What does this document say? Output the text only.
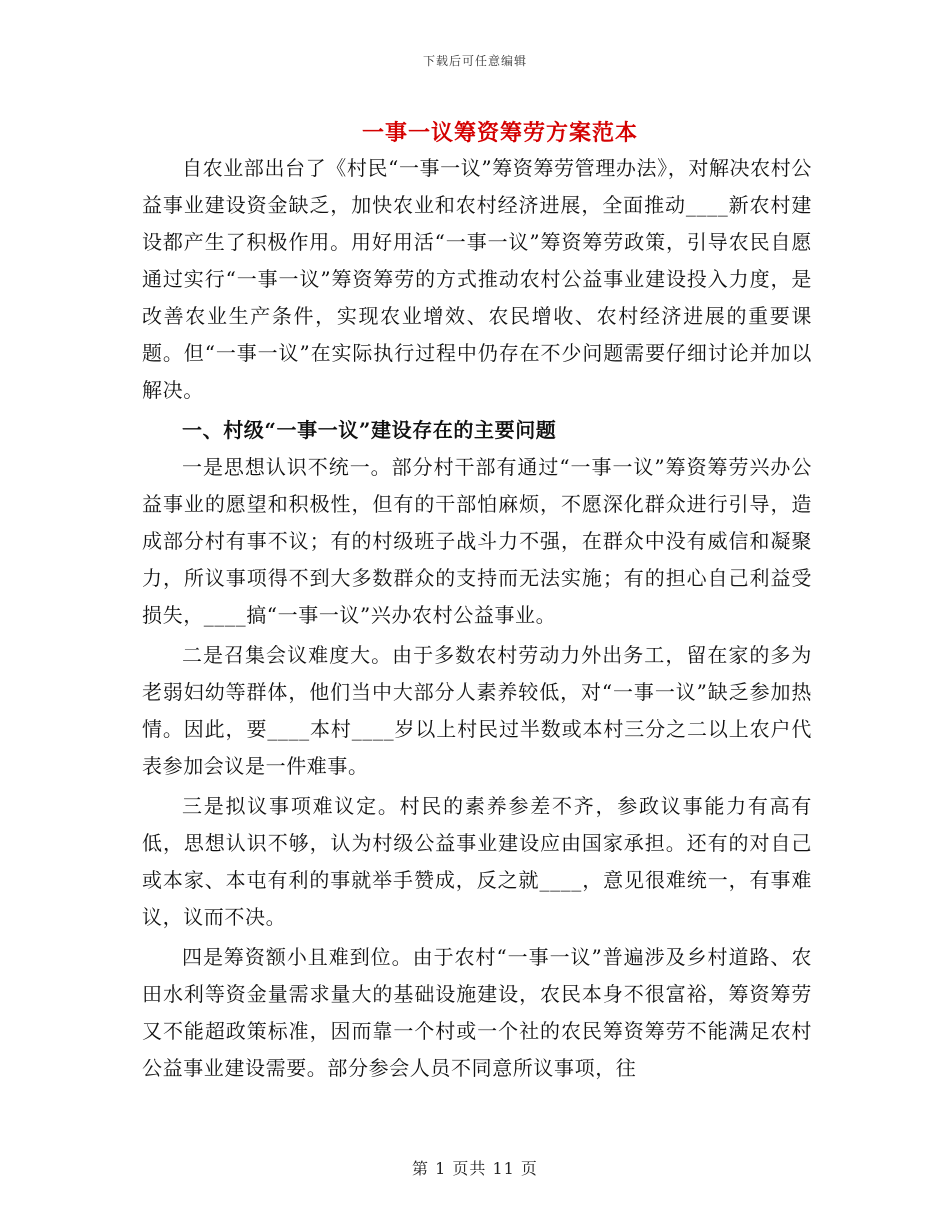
下载后可任意编辑
一事一议筹资筹劳方案范本

自农业部出台了《村民“一事一议”筹资筹劳管理办法》，对解决农村公益事业建设资金缺乏，加快农业和农村经济进展，全面推动____新农村建设都产生了积极作用。用好用活“一事一议”筹资筹劳政策，引导农民自愿通过实行“一事一议”筹资筹劳的方式推动农村公益事业建设投入力度，是改善农业生产条件，实现农业增效、农民增收、农村经济进展的重要课题。但“一事一议”在实际执行过程中仍存在不少问题需要仔细讨论并加以解决。

一、村级“一事一议”建设存在的主要问题

一是思想认识不统一。部分村干部有通过“一事一议”筹资筹劳兴办公益事业的愿望和积极性，但有的干部怕麻烦，不愿深化群众进行引导，造成部分村有事不议；有的村级班子战斗力不强，在群众中没有威信和凝聚力，所议事项得不到大多数群众的支持而无法实施；有的担心自己利益受损失，____搞“一事一议”兴办农村公益事业。

二是召集会议难度大。由于多数农村劳动力外出务工，留在家的多为老弱妇幼等群体，他们当中大部分人素养较低，对“一事一议”缺乏参加热情。因此，要____本村____岁以上村民过半数或本村三分之二以上农户代表参加会议是一件难事。

三是拟议事项难议定。村民的素养参差不齐，参政议事能力有高有低，思想认识不够，认为村级公益事业建设应由国家承担。还有的对自己或本家、本屯有利的事就举手赞成，反之就____，意见很难统一，有事难议，议而不决。

四是筹资额小且难到位。由于农村“一事一议”普遍涉及乡村道路、农田水利等资金量需求量大的基础设施建设，农民本身不很富裕，筹资筹劳又不能超政策标准，因而靠一个村或一个社的农民筹资筹劳不能满足农村公益事业建设需要。部分参会人员不同意所议事项，往

第 1 页共 11 页
